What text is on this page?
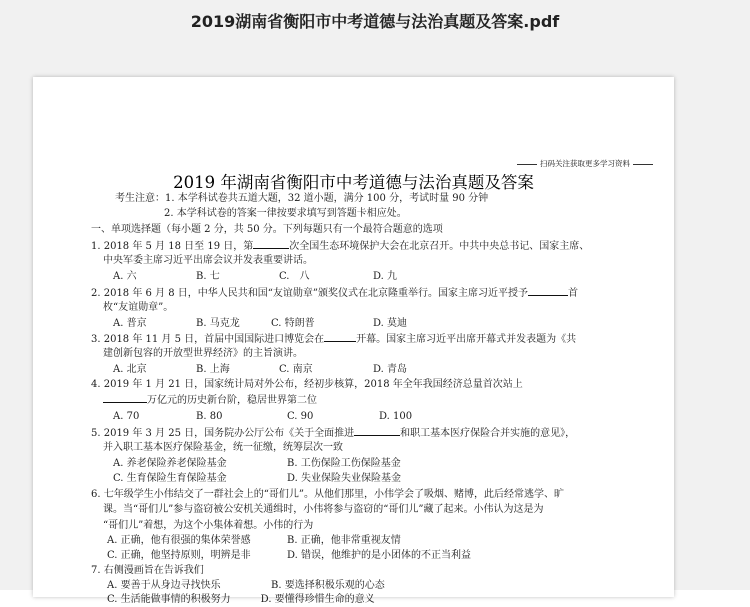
2019湖南省衡阳市中考道德与法治真题及答案.pdf
扫码关注获取更多学习资料
2019 年湖南省衡阳市中考道德与法治真题及答案
考生注意：1. 本学科试卷共五道大题，32 道小题，满分 100 分，考试时量 90 分钟
2. 本学科试卷的答案一律按要求填写到答题卡相应处。
一、单项选择题（每小题 2 分，共 50 分。下列每题只有一个最符合题意的选项
1. 2018 年 5 月 18 日至 19 日，第	次全国生态环境保护大会在北京召开。中共中央总书记、国家主席、
中央军委主席习近平出席会议并发表重要讲话。
A. 六	B. 七	C.　八	D. 九
2. 2018 年 6 月 8 日，中华人民共和国“友谊勋章”颁奖仪式在北京隆重举行。国家主席习近平授予	首
枚“友谊勋章”。
A. 普京	B. 马克龙	C. 特朗普	D. 莫迪
3. 2018 年 11 月 5 日，首届中国国际进口博览会在	开幕。国家主席习近平出席开幕式并发表题为《共
建创新包容的开放型世界经济》的主旨演讲。
A. 北京	B. 上海	C. 南京	D. 青岛
4. 2019 年 1 月 21 日，国家统计局对外公布，经初步核算，2018 年全年我国经济总量首次站上
万亿元的历史新台阶，稳居世界第二位
A. 70	B. 80	C. 90	D. 100
5. 2019 年 3 月 25 日，国务院办公厅公布《关于全面推进	和职工基本医疗保险合并实施的意见》，
并入职工基本医疗保险基金，统一征缴，统筹层次一致
A. 养老保险养老保险基金	B. 工伤保险工伤保险基金
C. 生育保险生育保险基金	D. 失业保险失业保险基金
6. 七年级学生小伟结交了一群社会上的“哥们儿”。从他们那里，小伟学会了吸烟、赌博，此后经常逃学、旷
课。当“哥们儿”参与盗窃被公安机关通缉时，小伟将参与盗窃的“哥们儿”藏了起来。小伟认为这是为
“哥们儿”着想，为这个小集体着想。小伟的行为
A. 正确，他有很强的集体荣誉感	B. 正确，他非常重视友情
C. 正确，他坚持原则，明辨是非	D. 错误，他维护的是小团体的不正当利益
7. 右侧漫画旨在告诉我们
A. 要善于从身边寻找快乐	B. 要选择积极乐观的心态
C. 生活能做事情的积极努力　　　D. 要懂得珍惜生命的意义
